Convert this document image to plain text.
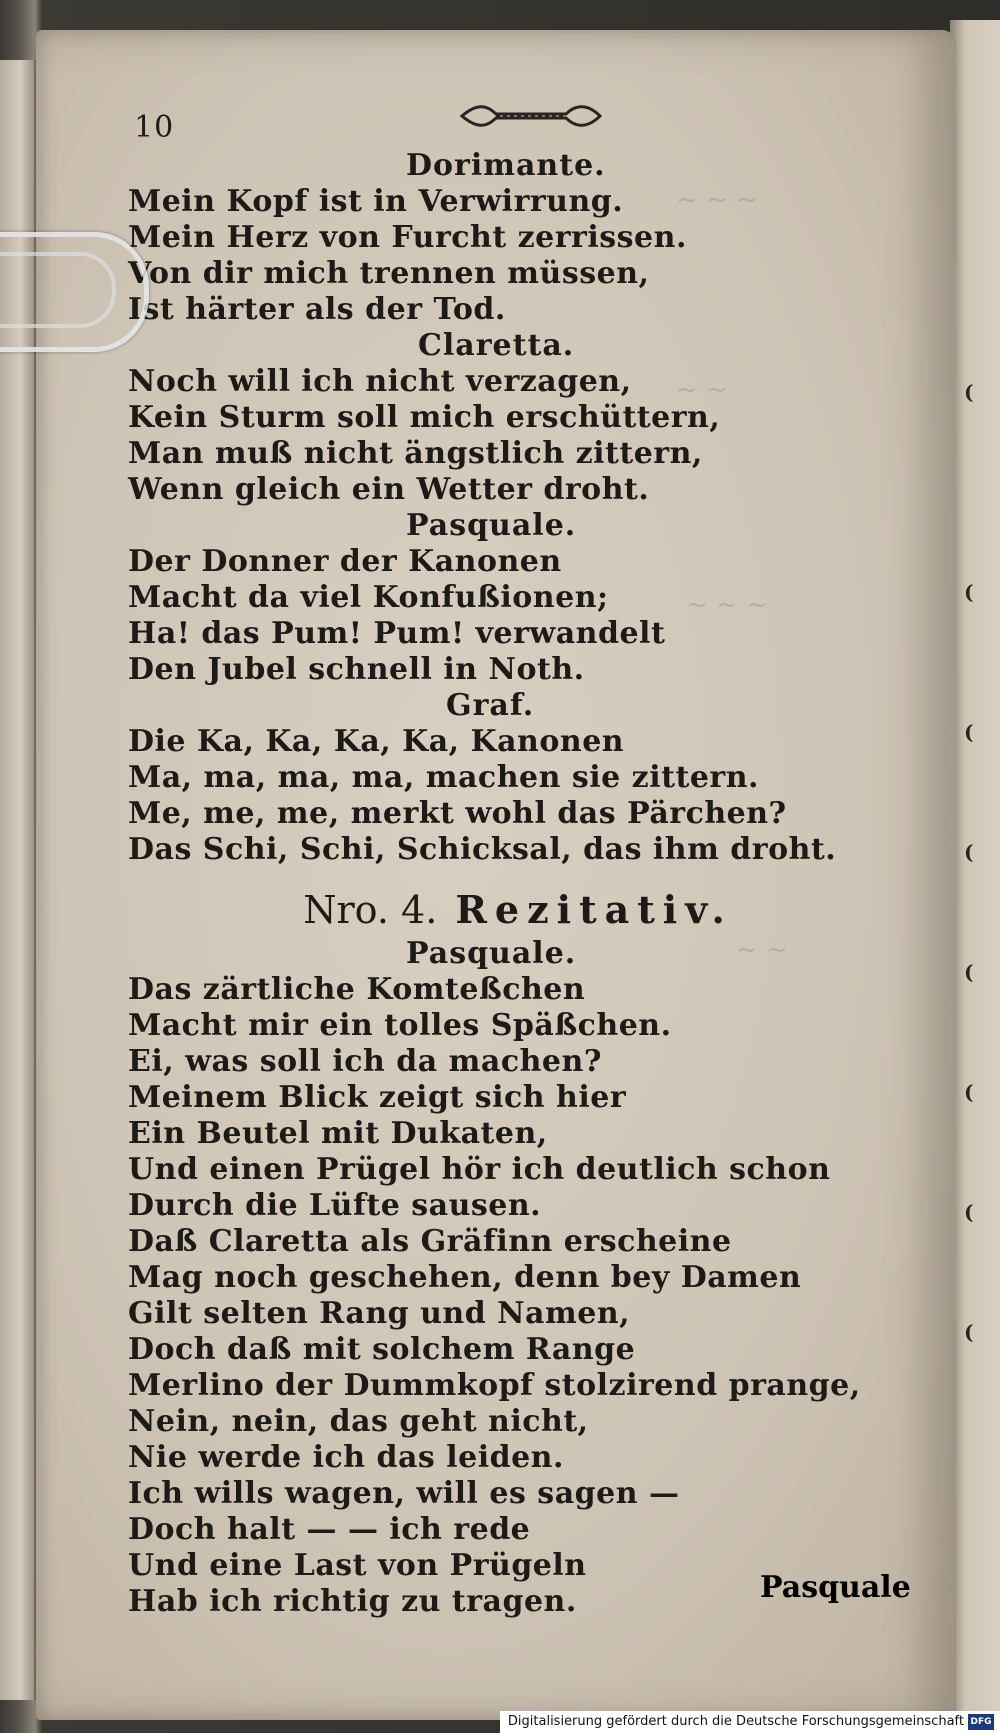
(
(
(
(
(
(
(
(
10
~ ~ ~
~ ~
~ ~ ~
~ ~
Dorimante.
Mein Kopf ist in Verwirrung.
Mein Herz von Furcht zerrissen.
Von dir mich trennen müssen,
Ist härter als der Tod.
Claretta.
Noch will ich nicht verzagen,
Kein Sturm soll mich erschüttern,
Man muß nicht ängstlich zittern,
Wenn gleich ein Wetter droht.
Pasquale.
Der Donner der Kanonen
Macht da viel Konfußionen;
Ha! das Pum! Pum! verwandelt
Den Jubel schnell in Noth.
Graf.
Die Ka, Ka, Ka, Ka, Kanonen
Ma, ma, ma, ma, machen sie zittern.
Me, me, me, merkt wohl das Pärchen?
Das Schi, Schi, Schicksal, das ihm droht.
Nro. 4. Rezitativ.
Pasquale.
Das zärtliche Komteßchen
Macht mir ein tolles Späßchen.
Ei, was soll ich da machen?
Meinem Blick zeigt sich hier
Ein Beutel mit Dukaten,
Und einen Prügel hör ich deutlich schon
Durch die Lüfte sausen.
Daß Claretta als Gräfinn erscheine
Mag noch geschehen, denn bey Damen
Gilt selten Rang und Namen,
Doch daß mit solchem Range
Merlino der Dummkopf stolzirend prange,
Nein, nein, das geht nicht,
Nie werde ich das leiden.
Ich wills wagen, will es sagen —
Doch halt — — ich rede
Und eine Last von Prügeln
Hab ich richtig zu tragen.	Pasquale
Digitalisierung gefördert durch die Deutsche Forschungsgemeinschaft DFG
